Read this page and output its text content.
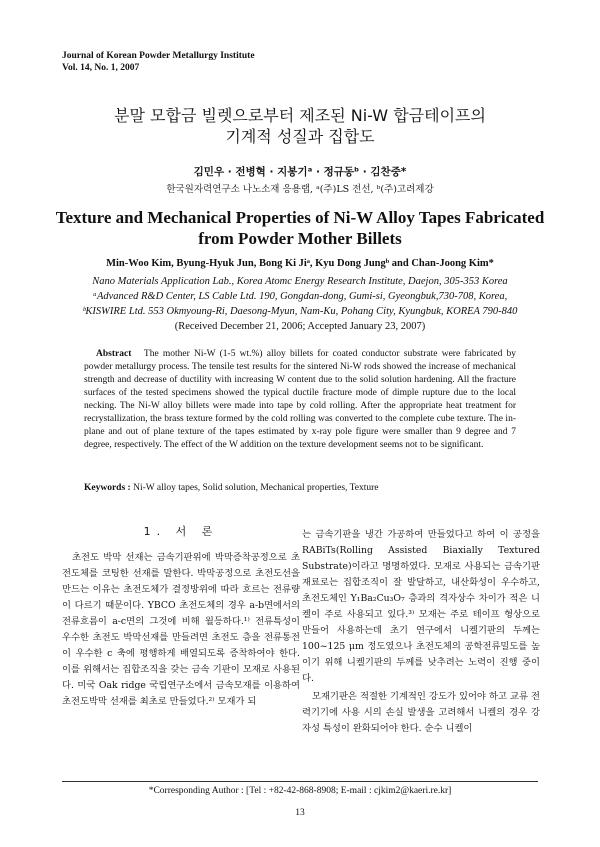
Journal of Korean Powder Metallurgy Institute
Vol. 14, No. 1, 2007
분말 모합금 빌렛으로부터 제조된 Ni-W 합금테이프의
기계적 성질과 집합도
김민우 · 전병혁 · 지봉기ᵃ · 정규동ᵇ · 김찬중*
한국원자력연구소 나노소재 응용랩, ᵃ(주)LS 전선, ᵇ(주)고려제강
Texture and Mechanical Properties of Ni-W Alloy Tapes Fabricated
from Powder Mother Billets
Min-Woo Kim, Byung-Hyuk Jun, Bong Ki Jiᵃ, Kyu Dong Jungᵇ and Chan-Joong Kim*
Nano Materials Application Lab., Korea Atomc Energy Research Institute, Daejon, 305-353 Korea
ᵃAdvanced R&D Center, LS Cable Ltd. 190, Gongdan-dong, Gumi-si, Gyeongbuk,730-708, Korea,
ᵇKISWIRE Ltd. 553 Okmyoung-Ri, Daesong-Myun, Nam-Ku, Pohang City, Kyungbuk, KOREA 790-840
(Received December 21, 2006; Accepted January 23, 2007)
Abstract The mother Ni-W (1-5 wt.%) alloy billets for coated conductor substrate were fabricated by powder metallurgy process. The tensile test results for the sintered Ni-W rods showed the increase of mechanical strength and decrease of ductility with increasing W content due to the solid solution hardening. All the fracture surfaces of the tested specimens showed the typical ductile fracture mode of dimple rupture due to the local necking. The Ni-W alloy billets were made into tape by cold rolling. After the appropriate heat treatment for recrystallization, the brass texture formed by the cold rolling was converted to the complete cube texture. The in-plane and out of plane texture of the tapes estimated by x-ray pole figure were smaller than 9 degree and 7 degree, respectively. The effect of the W addition on the texture development seems not to be significant.
Keywords : Ni-W alloy tapes, Solid solution, Mechanical properties, Texture
1. 서 론

초전도 박막 선재는 금속기판위에 박막증착공정으로 초전도체를 코팅한 선재를 말한다. 박막공정으로 초전도선을 만드는 이유는 초전도체가 결정방위에 따라 흐르는 전류량이 다르기 때문이다. YBCO 초전도체의 경우 a-b면에서의 전류흐름이 a-c면의 그것에 비해 월등하다.¹⁾ 전류특성이 우수한 초전도 박막선재를 만들려면 초전도 층을 전류통전이 우수한 c 축에 평행하게 배열되도록 증착하여야 한다. 이를 위해서는 집합조직을 갖는 금속 기판이 모재로 사용된다. 미국 Oak ridge 국립연구소에서 금속모재를 이용하여 초전도박막 선재를 최초로 만들었다.²⁾ 모재가 되

는 금속기판을 냉간 가공하여 만들었다고 하여 이 공정을 RABiTs(Rolling Assisted Biaxially Textured Substrate)이라고 명명하였다. 모재로 사용되는 금속기판 재료로는 집합조직이 잘 발달하고, 내산화성이 우수하고, 초전도체인 Y₁Ba₂Cu₃O₇ 층과의 격자상수 차이가 적은 니켈이 주로 사용되고 있다.³⁾ 모재는 주로 테이프 형상으로 만들어 사용하는데 초기 연구에서 니켈기판의 두께는 100~125 μm 정도였으나 초전도체의 공학전류밀도를 높이기 위해 니켈기판의 두께를 낮추려는 노력이 진행 중이다.

모재기판은 적절한 기계적인 강도가 있어야 하고 교류 전력기기에 사용 시의 손실 발생을 고려해서 니켈의 경우 강자성 특성이 완화되어야 한다. 순수 니켈이

*Corresponding Author : [Tel : +82-42-868-8908; E-mail : cjkim2@kaeri.re.kr]
13
